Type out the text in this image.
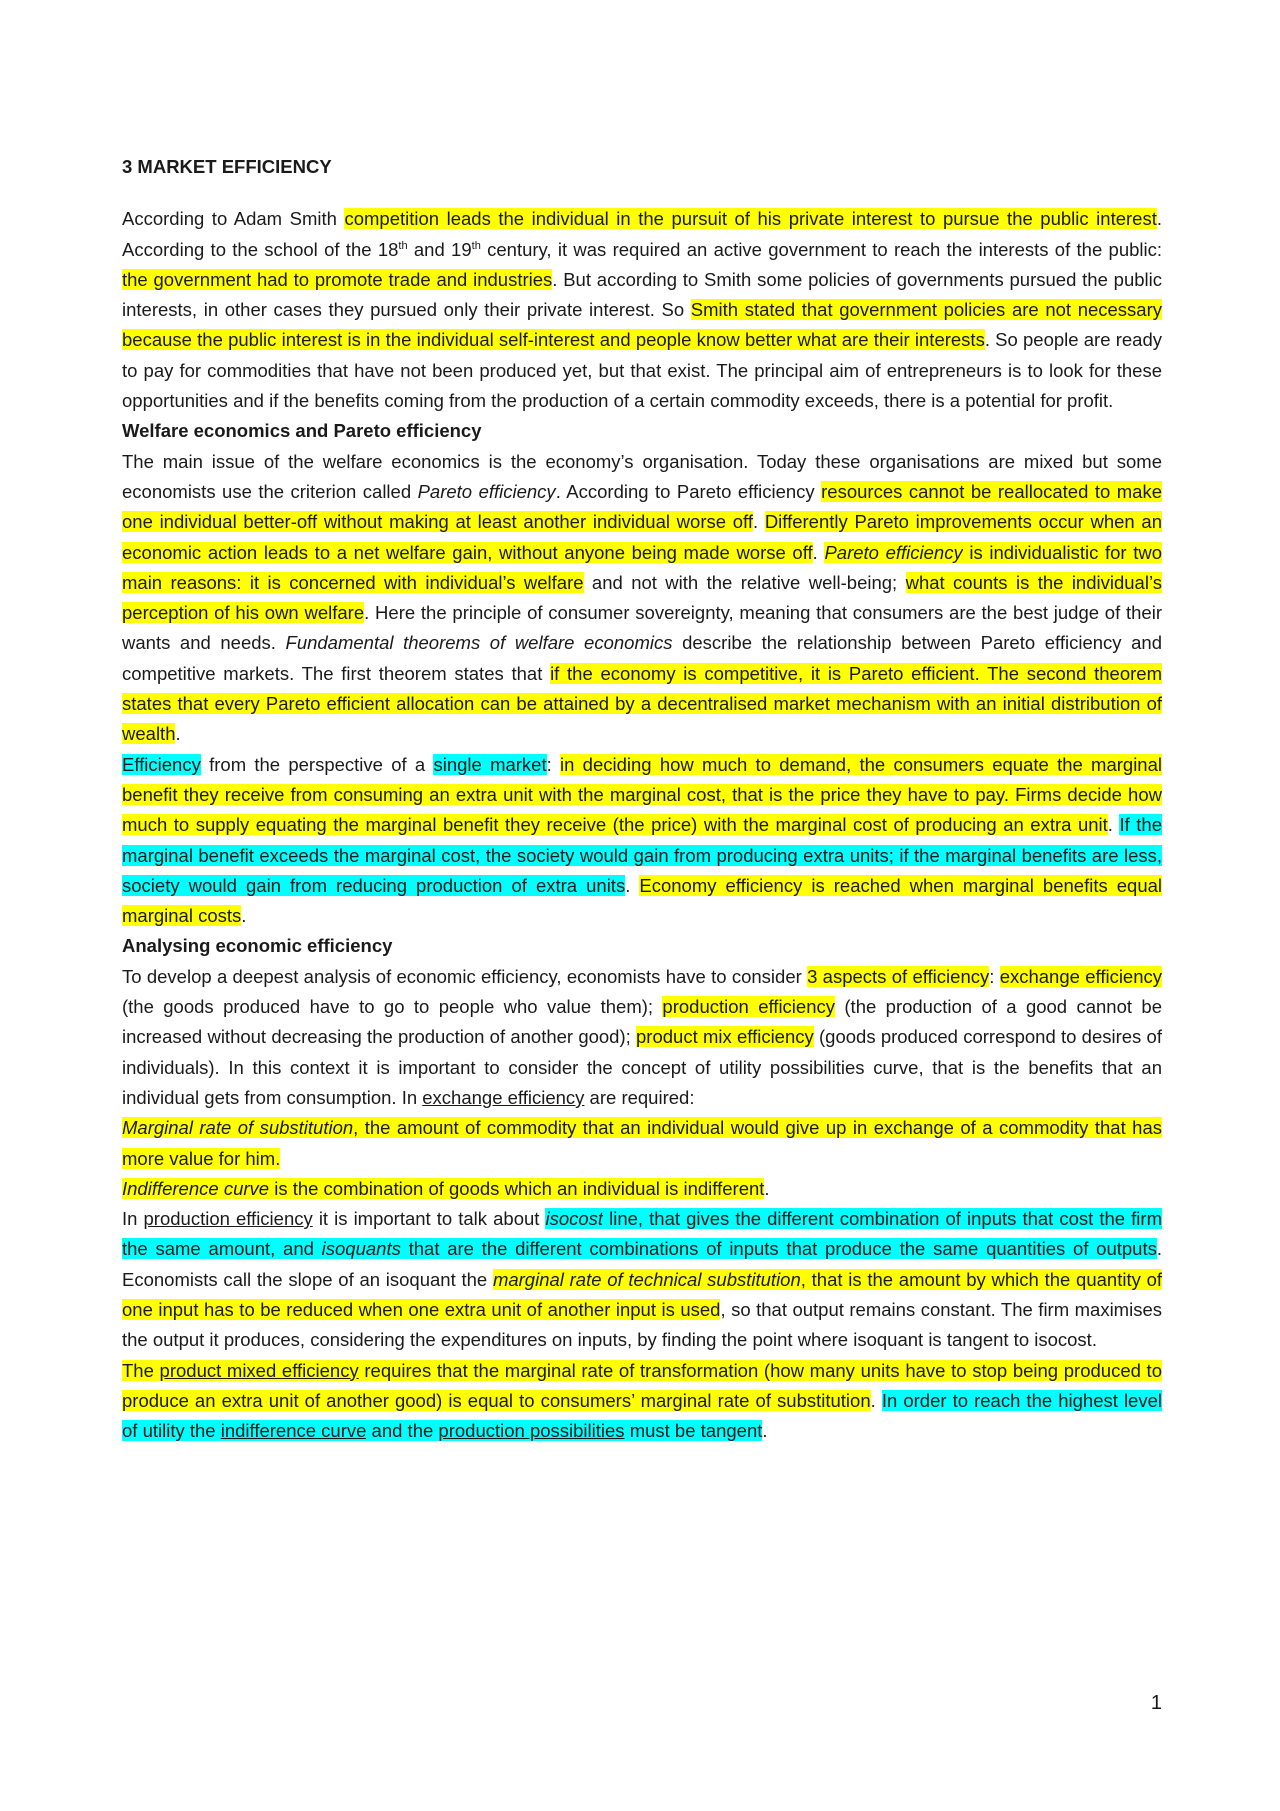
3 MARKET EFFICIENCY

According to Adam Smith competition leads the individual in the pursuit of his private interest to pursue the public interest. According to the school of the 18th and 19th century, it was required an active government to reach the interests of the public: the government had to promote trade and industries. But according to Smith some policies of governments pursued the public interests, in other cases they pursued only their private interest. So Smith stated that government policies are not necessary because the public interest is in the individual self-interest and people know better what are their interests. So people are ready to pay for commodities that have not been produced yet, but that exist. The principal aim of entrepreneurs is to look for these opportunities and if the benefits coming from the production of a certain commodity exceeds, there is a potential for profit.

Welfare economics and Pareto efficiency

The main issue of the welfare economics is the economy’s organisation. Today these organisations are mixed but some economists use the criterion called Pareto efficiency. According to Pareto efficiency resources cannot be reallocated to make one individual better-off without making at least another individual worse off. Differently Pareto improvements occur when an economic action leads to a net welfare gain, without anyone being made worse off. Pareto efficiency is individualistic for two main reasons: it is concerned with individual’s welfare and not with the relative well-being; what counts is the individual’s perception of his own welfare. Here the principle of consumer sovereignty, meaning that consumers are the best judge of their wants and needs. Fundamental theorems of welfare economics describe the relationship between Pareto efficiency and competitive markets. The first theorem states that if the economy is competitive, it is Pareto efficient. The second theorem states that every Pareto efficient allocation can be attained by a decentralised market mechanism with an initial distribution of wealth.

Efficiency from the perspective of a single market: in deciding how much to demand, the consumers equate the marginal benefit they receive from consuming an extra unit with the marginal cost, that is the price they have to pay. Firms decide how much to supply equating the marginal benefit they receive (the price) with the marginal cost of producing an extra unit. If the marginal benefit exceeds the marginal cost, the society would gain from producing extra units; if the marginal benefits are less, society would gain from reducing production of extra units. Economy efficiency is reached when marginal benefits equal marginal costs.

Analysing economic efficiency

To develop a deepest analysis of economic efficiency, economists have to consider 3 aspects of efficiency: exchange efficiency (the goods produced have to go to people who value them); production efficiency (the production of a good cannot be increased without decreasing the production of another good); product mix efficiency (goods produced correspond to desires of individuals). In this context it is important to consider the concept of utility possibilities curve, that is the benefits that an individual gets from consumption. In exchange efficiency are required:

Marginal rate of substitution, the amount of commodity that an individual would give up in exchange of a commodity that has more value for him.

Indifference curve is the combination of goods which an individual is indifferent.

In production efficiency it is important to talk about isocost line, that gives the different combination of inputs that cost the firm the same amount, and isoquants that are the different combinations of inputs that produce the same quantities of outputs. Economists call the slope of an isoquant the marginal rate of technical substitution, that is the amount by which the quantity of one input has to be reduced when one extra unit of another input is used, so that output remains constant. The firm maximises the output it produces, considering the expenditures on inputs, by finding the point where isoquant is tangent to isocost.

The product mixed efficiency requires that the marginal rate of transformation (how many units have to stop being produced to produce an extra unit of another good) is equal to consumers’ marginal rate of substitution. In order to reach the highest level of utility the indifference curve and the production possibilities must be tangent.

1
